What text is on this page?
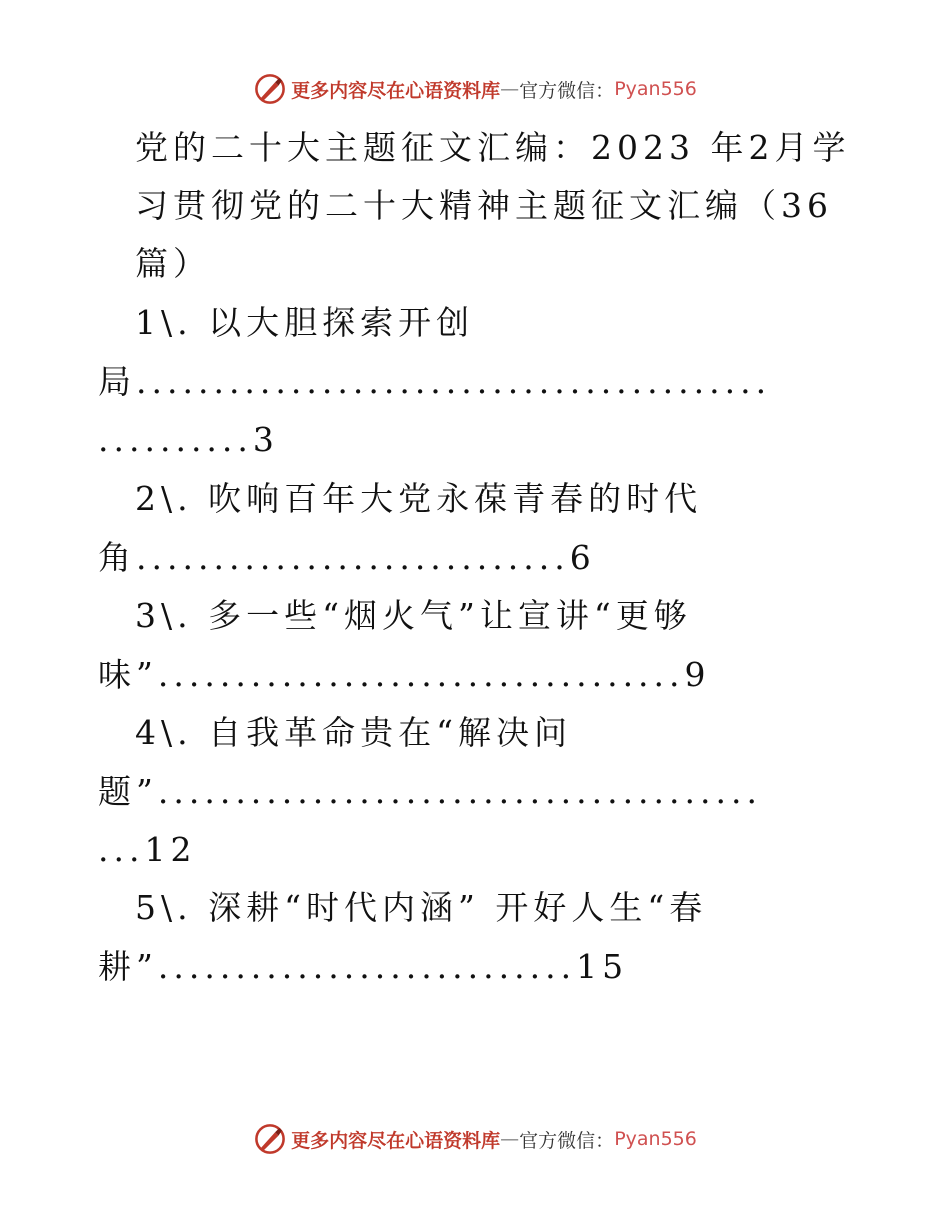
更多内容尽在心语资料库 — 官方微信： Pyan556
党的二十大主题征文汇编：2023 年2月学
习贯彻党的二十大精神主题征文汇编（36
篇）
1\. 以大胆探索开创
局.........................................
..........3
2\. 吹响百年大党永葆青春的时代
角............................6
3\. 多一些“烟火气”让宣讲“更够
味”..................................9
4\. 自我革命贵在“解决问
题”.......................................
...12
5\. 深耕“时代内涵” 开好人生“春
耕”...........................15
更多内容尽在心语资料库 — 官方微信： Pyan556
